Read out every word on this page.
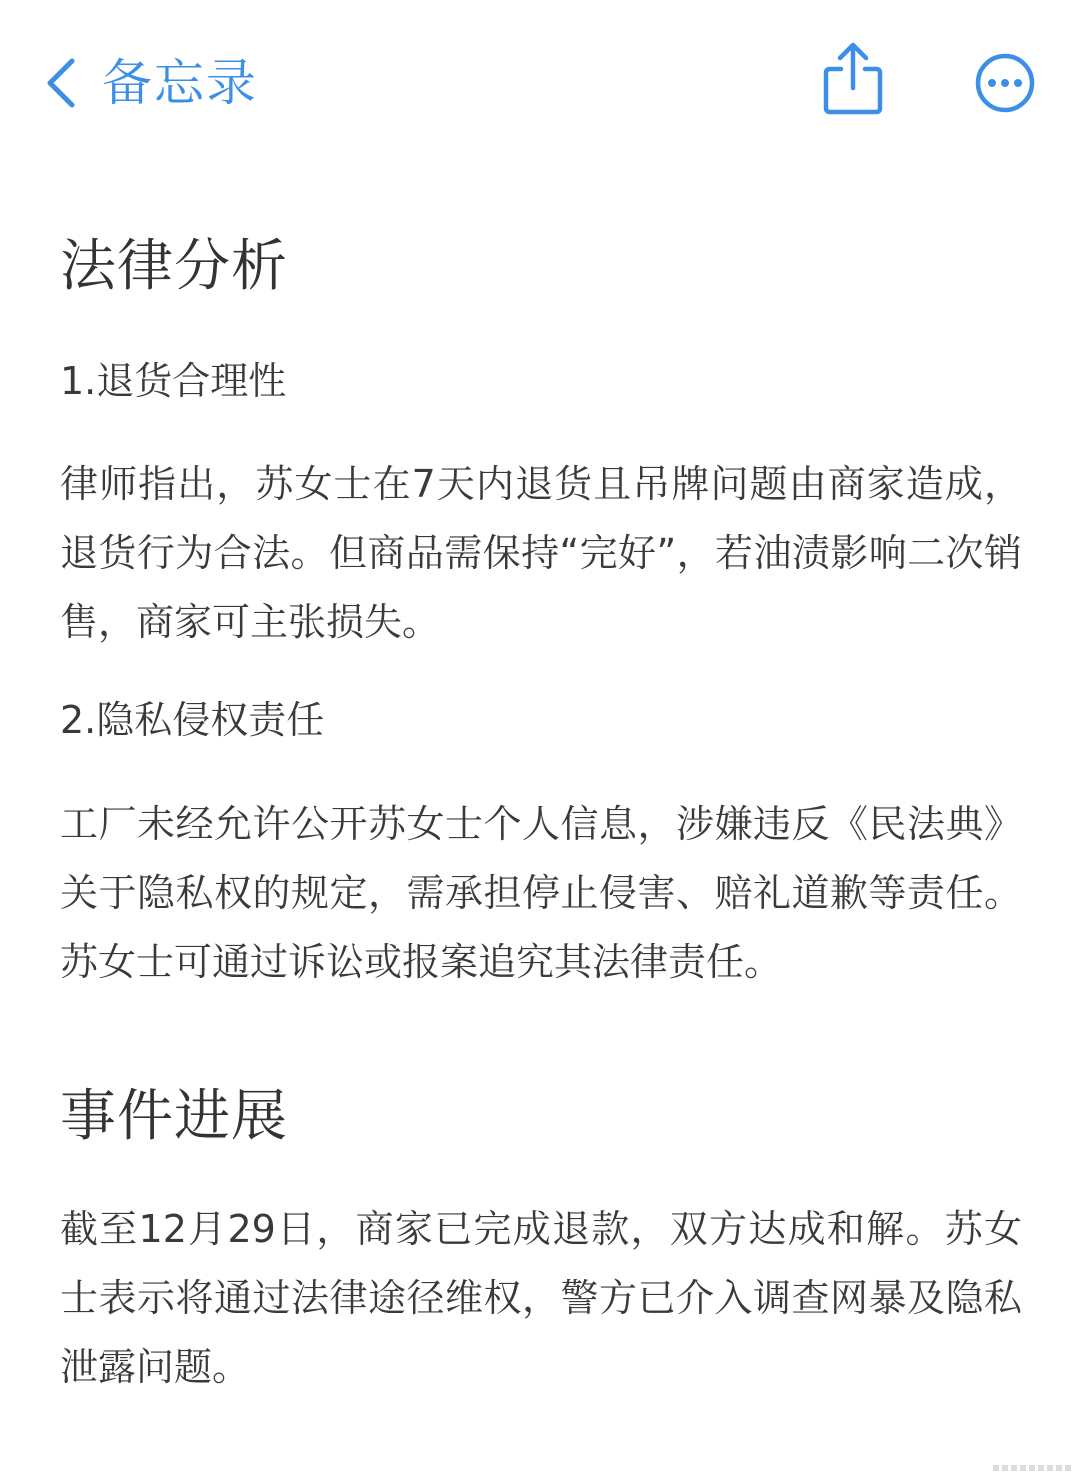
备忘录
法律分析

1.退货合理性

律师指出，苏女士在7天内退货且吊牌问题由商家造成，退货行为合法。但商品需保持“完好”，若油渍影响二次销售，商家可主张损失。

2.隐私侵权责任

工厂未经允许公开苏女士个人信息，涉嫌违反《民法典》关于隐私权的规定，需承担停止侵害、赔礼道歉等责任。苏女士可通过诉讼或报案追究其法律责任。

事件进展

截至12月29日，商家已完成退款，双方达成和解。苏女士表示将通过法律途径维权，警方已介入调查网暴及隐私泄露问题。
